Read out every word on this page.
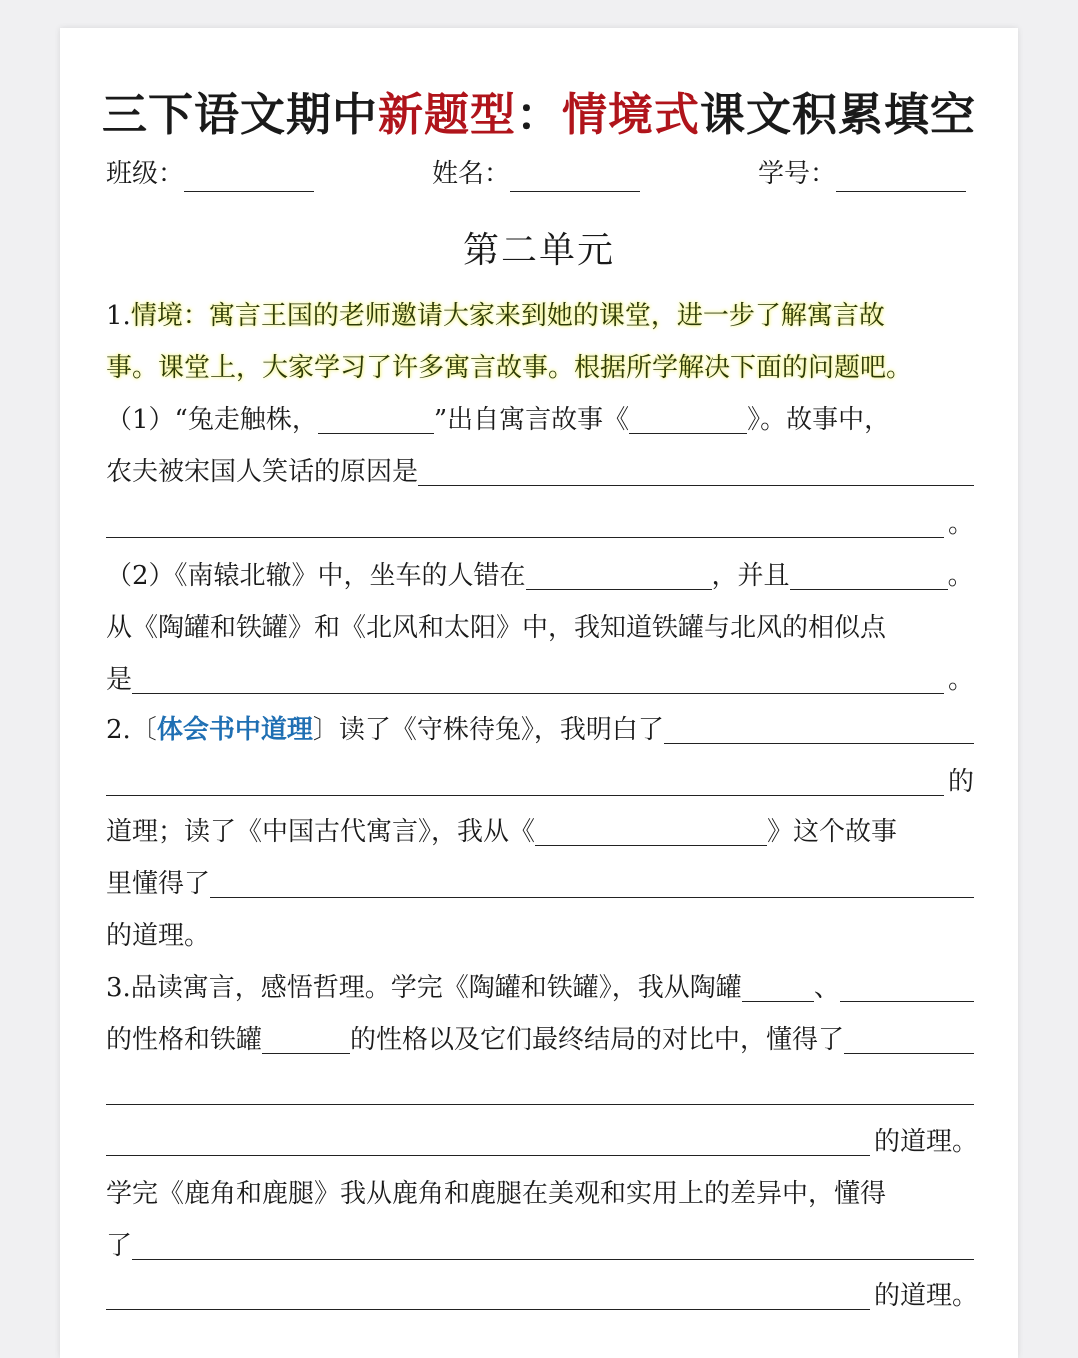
三下语文期中新题型：情境式课文积累填空
班级：	姓名：	学号：
第二单元
1. 情境：寓言王国的老师邀请大家来到她的课堂，进一步了解寓言故
事。课堂上，大家学习了许多寓言故事。根据所学解决下面的问题吧。
（1）“兔走触株，	”出自寓言故事《	》。故事中，
农夫被宋国人笑话的原因是
。
（2）《南辕北辙》中，坐车的人错在	，并且	。
从《陶罐和铁罐》和《北风和太阳》中，我知道铁罐与北风的相似点
是	。
2.〔 体会书中道理 〕读了《守株待兔》，我明白了
的
道理；读了《中国古代寓言》，我从《	》这个故事
里懂得了
的道理。
3.品读寓言，感悟哲理。学完《陶罐和铁罐》，我从陶罐	、
的性格和铁罐	的性格以及它们最终结局的对比中，懂得了
的道理。
学完《鹿角和鹿腿》我从鹿角和鹿腿在美观和实用上的差异中，懂得
了
的道理。
